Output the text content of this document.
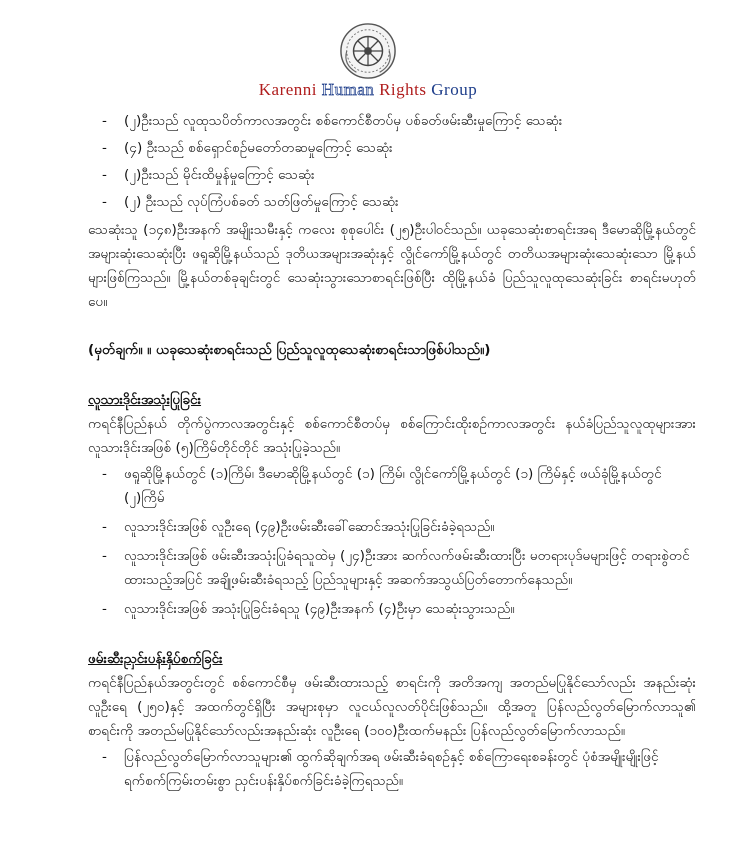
Karenni Human Rights Group
- (၂)ဦးသည် လူထုသပိတ်ကာလအတွင်း စစ်ကောင်စီတပ်မှ ပစ်ခတ်ဖမ်းဆီးမှုကြောင့် သေဆုံး
- (၄) ဦးသည် စစ်ရှောင်စဉ်မတော်တဆမှုကြောင့် သေဆုံး
- (၂)ဦးသည် မိုင်းထိမှုန်မှုကြောင့် သေဆုံး
- (၂) ဦးသည် လုပ်ကြံပစ်ခတ် သတ်ဖြတ်မှုကြောင့် သေဆုံး

သေဆုံးသူ (၁၄၈)ဦးအနက် အမျိုးသမီးနှင့် ကလေး စုစုပေါင်း (၂၅)ဦးပါဝင်သည်။ ယခုသေဆုံးစာရင်းအရ ဒီမောဆိုမြို့နယ်တွင်အများဆုံးသေဆုံးပြီး ဖရူဆိုမြို့နယ်သည် ဒုတိယအများအဆုံးနှင့် လွိုင်ကော်မြို့နယ်တွင် တတိယအများဆုံးသေဆုံးသော မြို့နယ်များဖြစ်ကြသည်။ မြို့နယ်တစ်ခုချင်းတွင် သေဆုံးသွားသောစာရင်းဖြစ်ပြီး ထိုမြို့နယ်ခံ ပြည်သူလူထုသေဆုံးခြင်း စာရင်းမဟုတ်ပေ။

(မှတ်ချက်။ ။ ယခုသေဆုံးစာရင်းသည် ပြည်သူလူထုသေဆုံးစာရင်းသာဖြစ်ပါသည်။)

လူသားဒိုင်းအသုံးပြုခြင်း

ကရင်နီပြည်နယ် တိုက်ပွဲကာလအတွင်းနှင့် စစ်ကောင်စီတပ်မှ စစ်ကြောင်းထိုးစဉ်ကာလအတွင်း နယ်ခံပြည်သူလူထုများအား လူသားဒိုင်းအဖြစ် (၅)ကြိမ်တိုင်တိုင် အသုံးပြုခဲ့သည်။

- ဖရူဆိုမြို့နယ်တွင် (၁)ကြိမ်၊ ဒီမောဆိုမြို့နယ်တွင် (၁) ကြိမ်၊ လွိုင်ကော်မြို့နယ်တွင် (၁) ကြိမ်နှင့် ဖယ်ခုံမြို့နယ်တွင် (၂)ကြိမ်
- လူသားဒိုင်းအဖြစ် လူဦးရေ (၄၉)ဦးဖမ်းဆီးခေါ်ဆောင်အသုံးပြုခြင်းခံခဲ့ရသည်။
- လူသားဒိုင်းအဖြစ် ဖမ်းဆီးအသုံးပြုခံရသူထဲမှ (၂၄)ဦးအား ဆက်လက်ဖမ်းဆီးထားပြီး မတရားပုဒ်မများဖြင့် တရားစွဲတင်ထားသည့်အပြင် အချို့ဖမ်းဆီးခံရသည့် ပြည်သူများနှင့် အဆက်အသွယ်ပြတ်တောက်နေသည်။
- လူသားဒိုင်းအဖြစ် အသုံးပြုခြင်းခံရသူ (၄၉)ဦးအနက် (၄)ဦးမှာ သေဆုံးသွားသည်။
ဖမ်းဆီးညှင်းပန်းနှိပ်စက်ခြင်း

ကရင်နီပြည်နယ်အတွင်းတွင် စစ်ကောင်စီမှ ဖမ်းဆီးထားသည့် စာရင်းကို အတိအကျ အတည်မပြုနိုင်သော်လည်း အနည်းဆုံး လူဦးရေ (၂၅၀)နှင့် အထက်တွင်ရှိပြီး အများစုမှာ လူငယ်လူလတ်ပိုင်းဖြစ်သည်။ ထို့အတူ ပြန်လည်လွတ်မြောက်လာသူ၏ စာရင်းကို အတည်မပြုနိုင်သော်လည်းအနည်းဆုံး လူဦးရေ (၁၀၀)ဦးထက်မနည်း ပြန်လည်လွတ်မြောက်လာသည်။

- ပြန်လည်လွတ်မြောက်လာသူများ၏ ထွက်ဆိုချက်အရ ဖမ်းဆီးခံရစဉ်နှင့် စစ်ကြောရေးစခန်းတွင် ပုံစံအမျိုးမျိုးဖြင့် ရက်စက်ကြမ်းတမ်းစွာ ညှင်းပန်းနှိပ်စက်ခြင်းခံခဲ့ကြရသည်။
